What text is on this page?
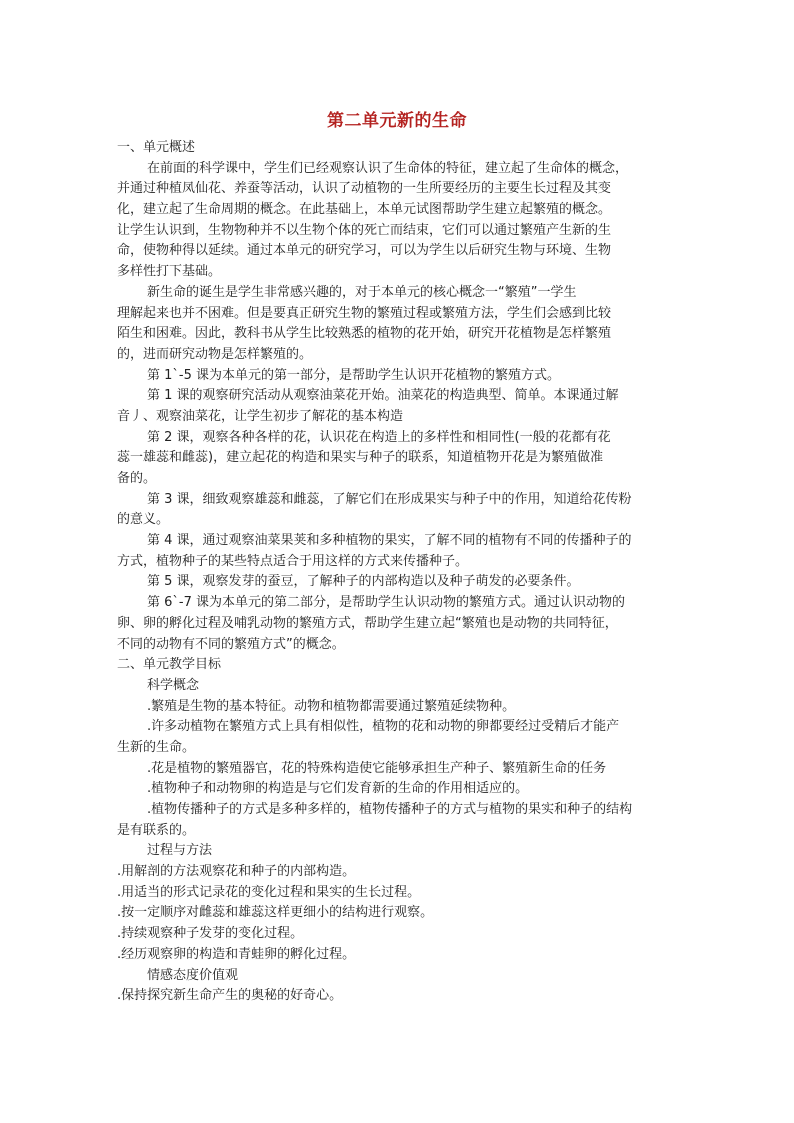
第二单元新的生命
一、单元概述
在前面的科学课中，学生们已经观察认识了生命体的特征，建立起了生命体的概念，
并通过种植凤仙花、养蚕等活动，认识了动植物的一生所要经历的主要生长过程及其变
化，建立起了生命周期的概念。在此基础上，本单元试图帮助学生建立起繁殖的概念。
让学生认识到，生物物种并不以生物个体的死亡而结束，它们可以通过繁殖产生新的生
命，使物种得以延续。通过本单元的研究学习，可以为学生以后研究生物与环境、生物
多样性打下基础。
新生命的诞生是学生非常感兴趣的，对于本单元的核心概念一“繁殖”一学生
理解起来也并不困难。但是要真正研究生物的繁殖过程或繁殖方法，学生们会感到比较
陌生和困难。因此，教科书从学生比较熟悉的植物的花开始，研究开花植物是怎样繁殖
的，进而研究动物是怎样繁殖的。
第 1`-5 课为本单元的第一部分，是帮助学生认识开花植物的繁殖方式。
第 1 课的观察研究活动从观察油菜花开始。油菜花的构造典型、简单。本课通过解
音丿、观察油菜花，让学生初步了解花的基本构造
第 2 课，观察各种各样的花，认识花在构造上的多样性和相同性(一般的花都有花
蕊一雄蕊和雌蕊)，建立起花的构造和果实与种子的联系，知道植物开花是为繁殖做准
备的。
第 3 课，细致观察雄蕊和雌蕊，了解它们在形成果实与种子中的作用，知道给花传粉
的意义。
第 4 课，通过观察油菜果荚和多种植物的果实，了解不同的植物有不同的传播种子的
方式，植物种子的某些特点适合于用这样的方式来传播种子。
第 5 课，观察发芽的蚕豆，了解种子的内部构造以及种子萌发的必要条件。
第 6`-7 课为本单元的第二部分，是帮助学生认识动物的繁殖方式。通过认识动物的
卵、卵的孵化过程及哺乳动物的繁殖方式，帮助学生建立起“繁殖也是动物的共同特征，
不同的动物有不同的繁殖方式”的概念。
二、单元教学目标
科学概念
.繁殖是生物的基本特征。动物和植物都需要通过繁殖延续物种。
.许多动植物在繁殖方式上具有相似性，植物的花和动物的卵都要经过受精后才能产
生新的生命。
.花是植物的繁殖器官，花的特殊构造使它能够承担生产种子、繁殖新生命的任务
.植物种子和动物卵的构造是与它们发育新的生命的作用相适应的。
.植物传播种子的方式是多种多样的，植物传播种子的方式与植物的果实和种子的结构
是有联系的。
过程与方法
.用解剖的方法观察花和种子的内部构造。
.用适当的形式记录花的变化过程和果实的生长过程。
.按一定顺序对雌蕊和雄蕊这样更细小的结构进行观察。
.持续观察种子发芽的变化过程。
.经历观察卵的构造和青蛙卵的孵化过程。
情感态度价值观
.保持探究新生命产生的奥秘的好奇心。
